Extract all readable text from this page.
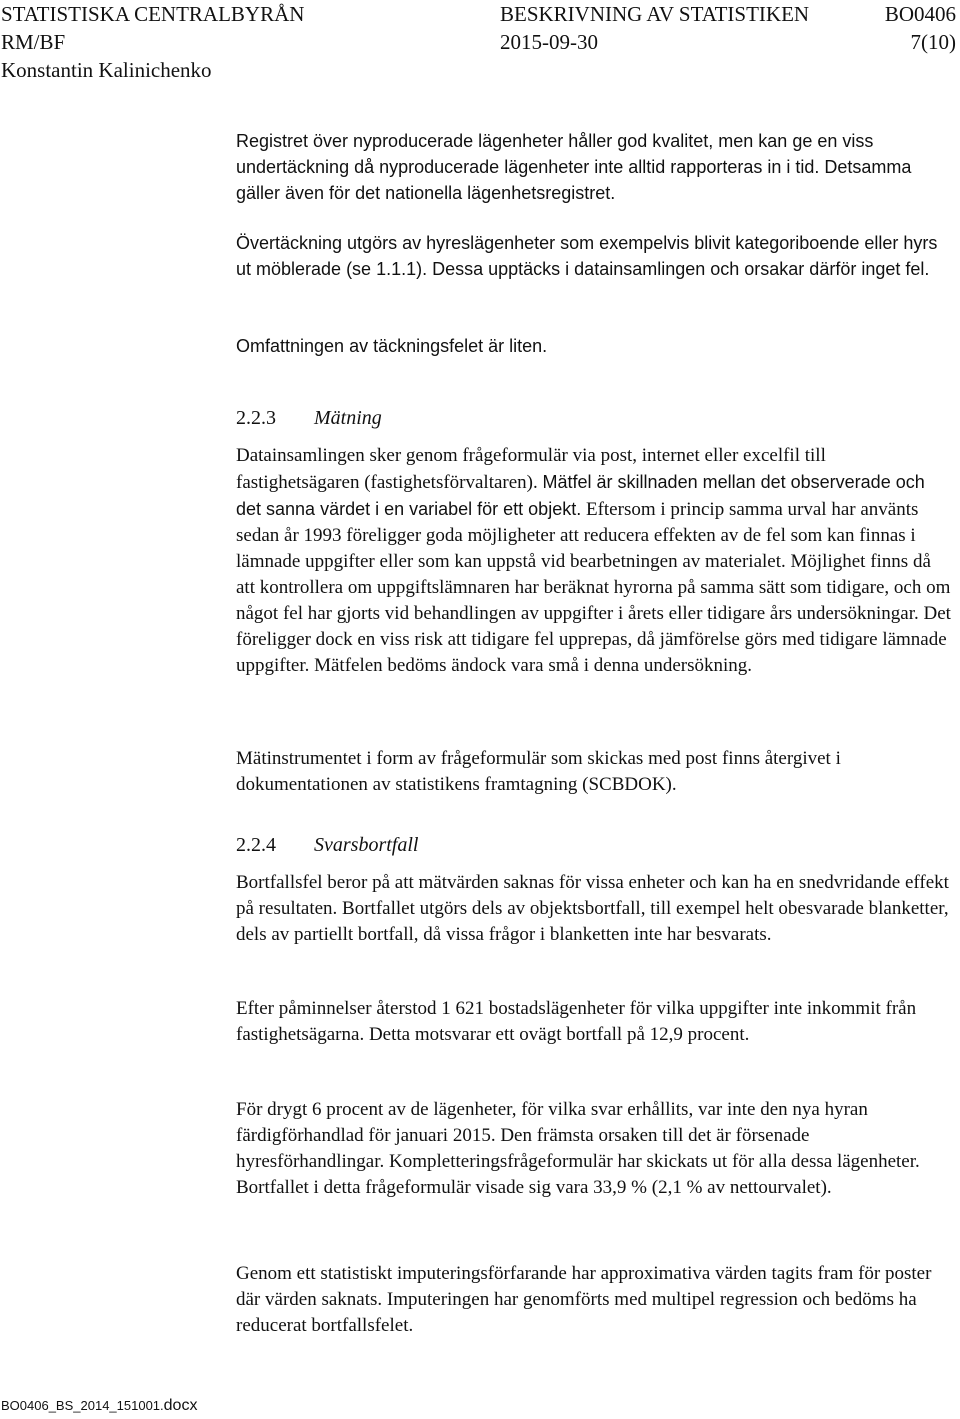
STATISTISKA CENTRALBYRÅN	BESKRIVNING AV STATISTIKEN	BO0406
RM/BF	2015-09-30	7(10)
Konstantin Kalinichenko

Registret över nyproducerade lägenheter håller god kvalitet, men kan ge en viss undertäckning då nyproducerade lägenheter inte alltid rapporteras in i tid. Detsamma gäller även för det nationella lägenhetsregistret.

Övertäckning utgörs av hyreslägenheter som exempelvis blivit kategoriboende eller hyrs ut möblerade (se 1.1.1). Dessa upptäcks i datainsamlingen och orsakar därför inget fel.

Omfattningen av täckningsfelet är liten.

2.2.3 Mätning

Datainsamlingen sker genom frågeformulär via post, internet eller excelfil till fastighetsägaren (fastighetsförvaltaren). Mätfel är skillnaden mellan det observerade och det sanna värdet i en variabel för ett objekt. Eftersom i princip samma urval har använts sedan år 1993 föreligger goda möjligheter att reducera effekten av de fel som kan finnas i lämnade uppgifter eller som kan uppstå vid bearbetningen av materialet. Möjlighet finns då att kontrollera om uppgiftslämnaren har beräknat hyrorna på samma sätt som tidigare, och om något fel har gjorts vid behandlingen av uppgifter i årets eller tidigare års undersökningar. Det föreligger dock en viss risk att tidigare fel upprepas, då jämförelse görs med tidigare lämnade uppgifter. Mätfelen bedöms ändock vara små i denna undersökning.

Mätinstrumentet i form av frågeformulär som skickas med post finns återgivet i dokumentationen av statistikens framtagning (SCBDOK).

2.2.4 Svarsbortfall

Bortfallsfel beror på att mätvärden saknas för vissa enheter och kan ha en snedvridande effekt på resultaten. Bortfallet utgörs dels av objektsbortfall, till exempel helt obesvarade blanketter, dels av partiellt bortfall, då vissa frågor i blanketten inte har besvarats.

Efter påminnelser återstod 1 621 bostadslägenheter för vilka uppgifter inte inkommit från fastighetsägarna. Detta motsvarar ett ovägt bortfall på 12,9 procent.

För drygt 6 procent av de lägenheter, för vilka svar erhållits, var inte den nya hyran färdigförhandlad för januari 2015. Den främsta orsaken till det är försenade hyresförhandlingar. Kompletteringsfrågeformulär har skickats ut för alla dessa lägenheter. Bortfallet i detta frågeformulär visade sig vara 33,9 % (2,1 % av nettourvalet).

Genom ett statistiskt imputeringsförfarande har approximativa värden tagits fram för poster där värden saknats. Imputeringen har genomförts med multipel regression och bedöms ha reducerat bortfallsfelet.

BO0406_BS_2014_151001.docx
